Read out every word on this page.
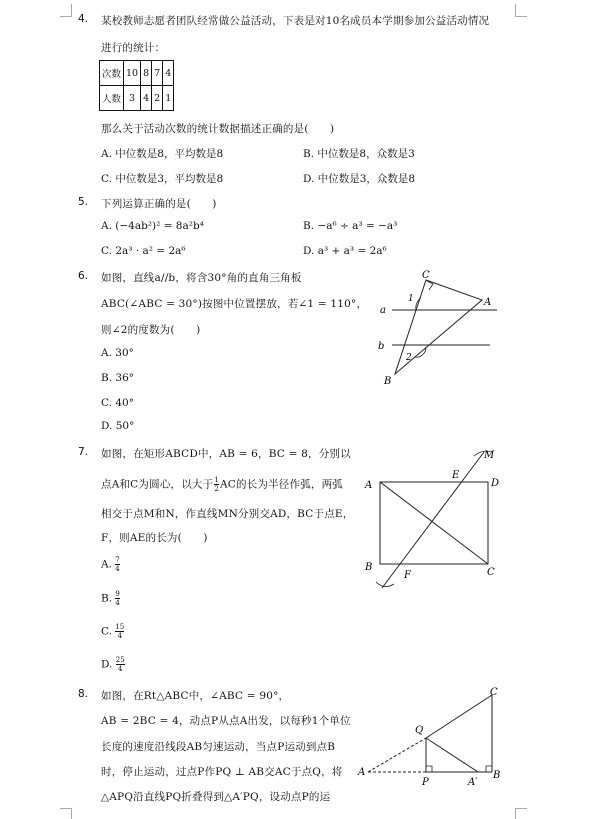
4. 某校教师志愿者团队经常做公益活动，下表是对10名成员本学期参加公益活动情况
进行的统计：
次数	10	8	7	4
人数	3	4	2	1
那么关于活动次数的统计数据描述正确的是(　　)
A. 中位数是8，平均数是8	B. 中位数是8，众数是3
C. 中位数是3，平均数是8	D. 中位数是3，众数是8
5. 下列运算正确的是(　　)
A. (−4ab²)² = 8a²b⁴	B. −a⁶ ÷ a³ = −a³
C. 2a³ · a² = 2a⁶	D. a³ + a³ = 2a⁶
6. 如图，直线a//b，将含30°角的直角三角板
ABC(∠ABC = 30°)按图中位置摆放，若∠1 = 110°，
则∠2的度数为(　　)
A. 30°
B. 36°
C. 40°
D. 50°
C
A
B
a
b
1
2
7. 如图，在矩形ABCD中，AB = 6，BC = 8，分别以
点A和C为圆心，以大于 $\frac{1}{2}$ AC的长为半径作弧，两弧
相交于点M和N，作直线MN分别交AD，BC于点E，
F，则AE的长为(　　)
A. $\frac{7}{4}$
B. $\frac{9}{4}$
C. $\frac{15}{4}$
D. $\frac{25}{4}$
A	D
B	C
E
F
M
8. 如图，在Rt△ABC中，∠ABC = 90°，
AB = 2BC = 4，动点P从点A出发，以每秒1个单位
长度的速度沿线段AB匀速运动，当点P运动到点B
时，停止运动，过点P作PQ ⊥ AB交AC于点Q，将
△APQ沿直线PQ折叠得到△A′PQ，设动点P的运
C
Q
A
P	A′
B
